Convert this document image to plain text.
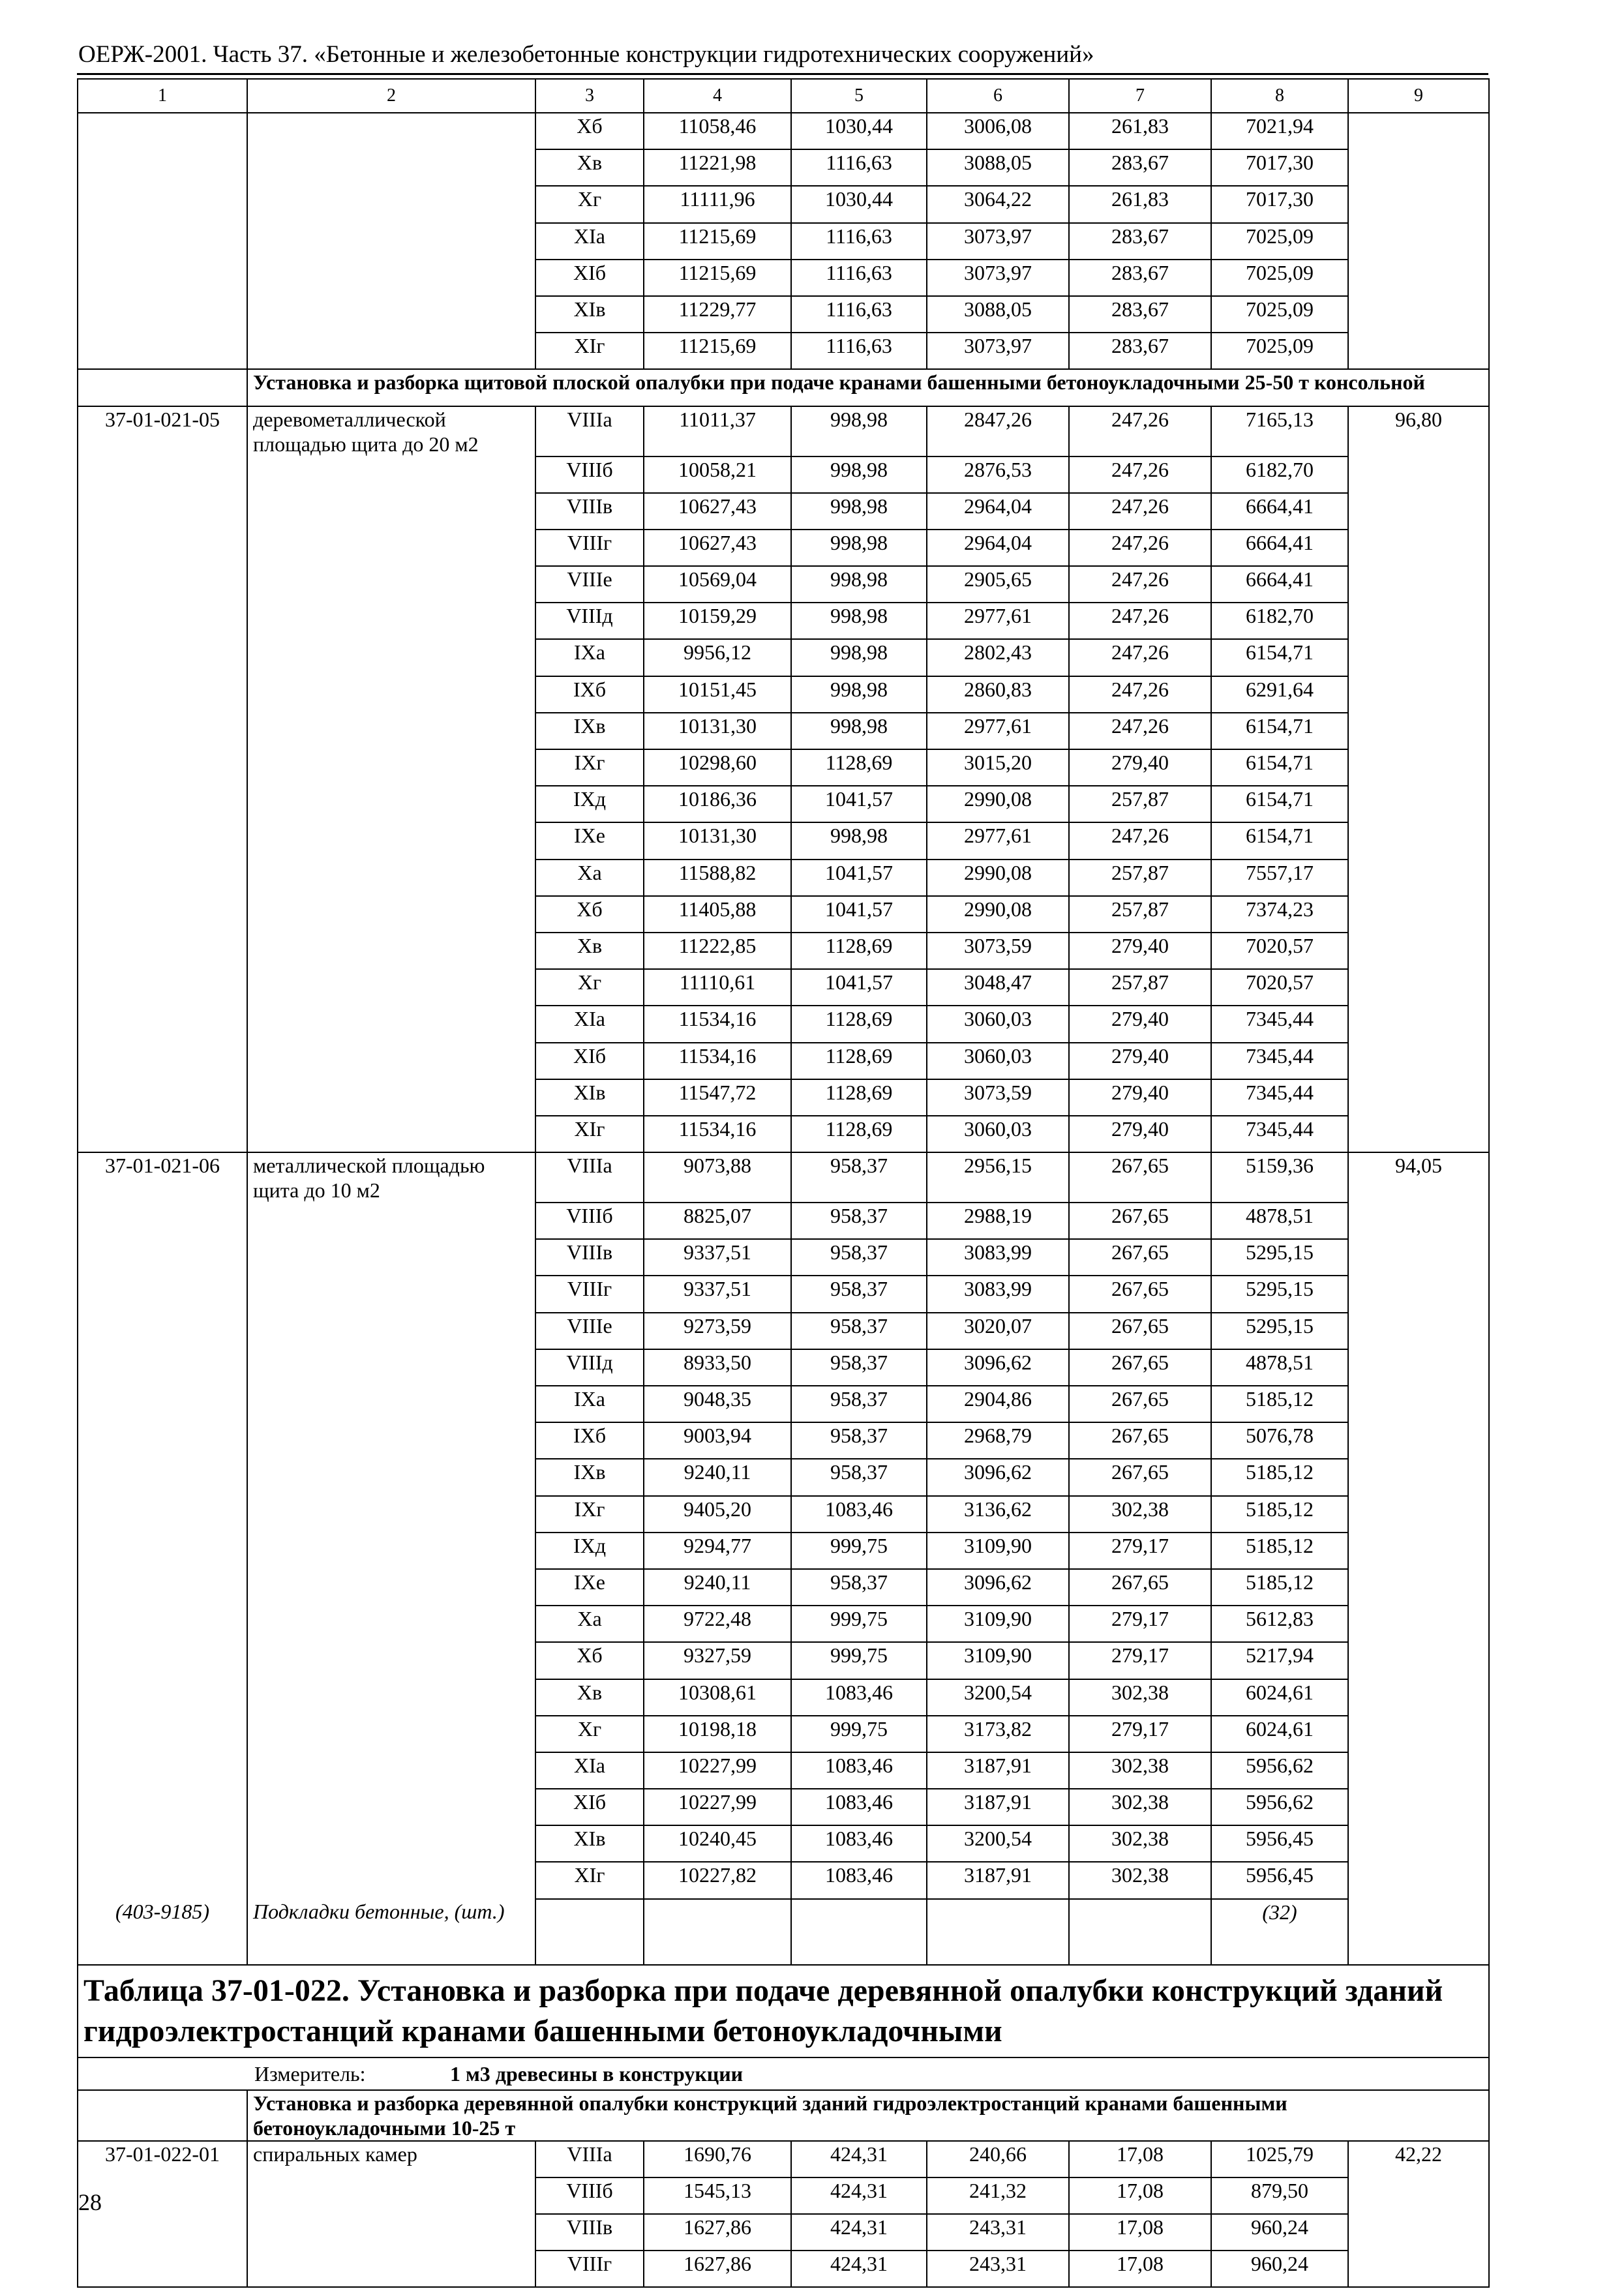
ОЕРЖ-2001. Часть 37. «Бетонные и железобетонные конструкции гидротехнических сооружений»
1	2	3	4	5	6	7	8	9
		Хб	11058,46	1030,44	3006,08	261,83	7021,94	
		Хв	11221,98	1116,63	3088,05	283,67	7017,30	
		Хг	11111,96	1030,44	3064,22	261,83	7017,30	
		ХIа	11215,69	1116,63	3073,97	283,67	7025,09	
		ХIб	11215,69	1116,63	3073,97	283,67	7025,09	
		ХIв	11229,77	1116,63	3088,05	283,67	7025,09	
		ХIг	11215,69	1116,63	3073,97	283,67	7025,09	
	Установка и разборка щитовой плоской опалубки при подаче кранами башенными бетоноукладочными 25-50 т консольной							
37-01-021-05	деревометаллической площадью щита до 20 м2	VIIIа	11011,37	998,98	2847,26	247,26	7165,13	96,80
		VIIIб	10058,21	998,98	2876,53	247,26	6182,70	
		VIIIв	10627,43	998,98	2964,04	247,26	6664,41	
		VIIIг	10627,43	998,98	2964,04	247,26	6664,41	
		VIIIе	10569,04	998,98	2905,65	247,26	6664,41	
		VIIIд	10159,29	998,98	2977,61	247,26	6182,70	
		IХа	9956,12	998,98	2802,43	247,26	6154,71	
		IХб	10151,45	998,98	2860,83	247,26	6291,64	
		IХв	10131,30	998,98	2977,61	247,26	6154,71	
		IХг	10298,60	1128,69	3015,20	279,40	6154,71	
		IХд	10186,36	1041,57	2990,08	257,87	6154,71	
		IХе	10131,30	998,98	2977,61	247,26	6154,71	
		Ха	11588,82	1041,57	2990,08	257,87	7557,17	
		Хб	11405,88	1041,57	2990,08	257,87	7374,23	
		Хв	11222,85	1128,69	3073,59	279,40	7020,57	
		Хг	11110,61	1041,57	3048,47	257,87	7020,57	
		ХIа	11534,16	1128,69	3060,03	279,40	7345,44	
		ХIб	11534,16	1128,69	3060,03	279,40	7345,44	
		ХIв	11547,72	1128,69	3073,59	279,40	7345,44	
		ХIг	11534,16	1128,69	3060,03	279,40	7345,44	
37-01-021-06	металлической площадью щита до 10 м2	VIIIа	9073,88	958,37	2956,15	267,65	5159,36	94,05
		VIIIб	8825,07	958,37	2988,19	267,65	4878,51	
		VIIIв	9337,51	958,37	3083,99	267,65	5295,15	
		VIIIг	9337,51	958,37	3083,99	267,65	5295,15	
		VIIIе	9273,59	958,37	3020,07	267,65	5295,15	
		VIIIд	8933,50	958,37	3096,62	267,65	4878,51	
		IХа	9048,35	958,37	2904,86	267,65	5185,12	
		IХб	9003,94	958,37	2968,79	267,65	5076,78	
		IХв	9240,11	958,37	3096,62	267,65	5185,12	
		IХг	9405,20	1083,46	3136,62	302,38	5185,12	
		IХд	9294,77	999,75	3109,90	279,17	5185,12	
		IХе	9240,11	958,37	3096,62	267,65	5185,12	
		Ха	9722,48	999,75	3109,90	279,17	5612,83	
		Хб	9327,59	999,75	3109,90	279,17	5217,94	
		Хв	10308,61	1083,46	3200,54	302,38	6024,61	
		Хг	10198,18	999,75	3173,82	279,17	6024,61	
		ХIа	10227,99	1083,46	3187,91	302,38	5956,62	
		ХIб	10227,99	1083,46	3187,91	302,38	5956,62	
		ХIв	10240,45	1083,46	3200,54	302,38	5956,45	
		ХIг	10227,82	1083,46	3187,91	302,38	5956,45	
(403-9185)	Подкладки бетонные, (шт.)						(32)	
Таблица 37-01-022. Установка и разборка при подаче деревянной опалубки конструкций зданий гидроэлектростанций кранами башенными бетоноукладочными								
Измеритель: 1 м3 древесины в конструкции								
	Установка и разборка деревянной опалубки конструкций зданий гидроэлектростанций кранами башенными бетоноукладочными 10-25 т							
37-01-022-01	спиральных камер	VIIIа	1690,76	424,31	240,66	17,08	1025,79	42,22
		VIIIб	1545,13	424,31	241,32	17,08	879,50	
		VIIIв	1627,86	424,31	243,31	17,08	960,24	
		VIIIг	1627,86	424,31	243,31	17,08	960,24	
28
